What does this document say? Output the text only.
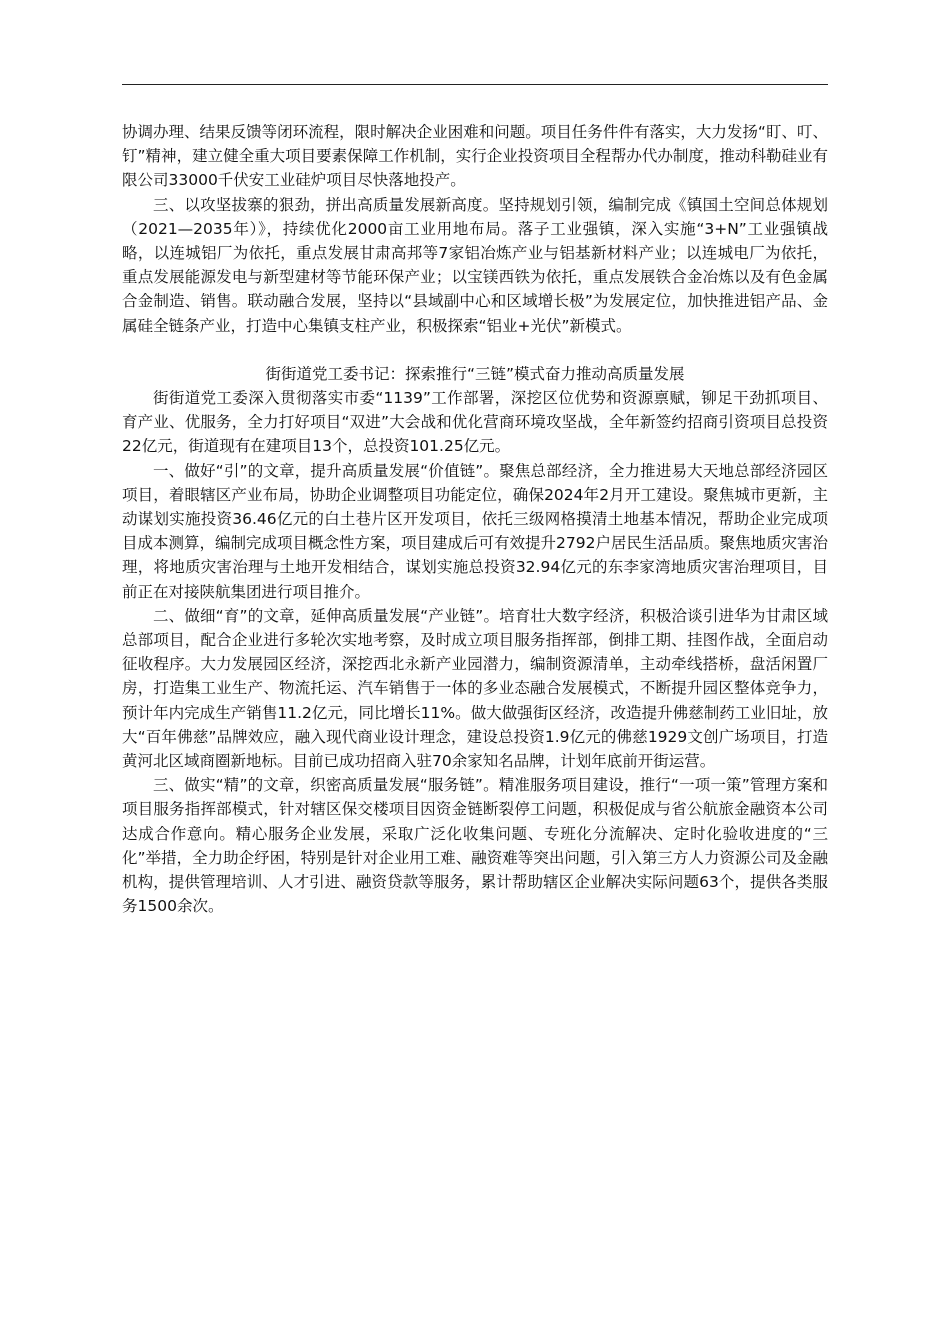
协调办理、结果反馈等闭环流程，限时解决企业困难和问题。项目任务件件有落实，大力发扬“盯、叮、钉”精神，建立健全重大项目要素保障工作机制，实行企业投资项目全程帮办代办制度，推动科勒硅业有限公司33000千伏安工业硅炉项目尽快落地投产。

三、以攻坚拔寨的狠劲，拼出高质量发展新高度。坚持规划引领，编制完成《镇国土空间总体规划（2021—2035年）》，持续优化2000亩工业用地布局。落子工业强镇，深入实施“3+N”工业强镇战略，以连城铝厂为依托，重点发展甘肃高邦等7家铝冶炼产业与铝基新材料产业；以连城电厂为依托，重点发展能源发电与新型建材等节能环保产业；以宝镁西铁为依托，重点发展铁合金冶炼以及有色金属合金制造、销售。联动融合发展，坚持以“县域副中心和区域增长极”为发展定位，加快推进铝产品、金属硅全链条产业，打造中心集镇支柱产业，积极探索“铝业+光伏”新模式。

街街道党工委书记：探索推行“三链”模式奋力推动高质量发展

街街道党工委深入贯彻落实市委“1139”工作部署，深挖区位优势和资源禀赋，铆足干劲抓项目、育产业、优服务，全力打好项目“双进”大会战和优化营商环境攻坚战，全年新签约招商引资项目总投资22亿元，街道现有在建项目13个，总投资101.25亿元。

一、做好“引”的文章，提升高质量发展“价值链”。聚焦总部经济，全力推进易大天地总部经济园区项目，着眼辖区产业布局，协助企业调整项目功能定位，确保2024年2月开工建设。聚焦城市更新，主动谋划实施投资36.46亿元的白土巷片区开发项目，依托三级网格摸清土地基本情况，帮助企业完成项目成本测算，编制完成项目概念性方案，项目建成后可有效提升2792户居民生活品质。聚焦地质灾害治理，将地质灾害治理与土地开发相结合，谋划实施总投资32.94亿元的东李家湾地质灾害治理项目，目前正在对接陕航集团进行项目推介。

二、做细“育”的文章，延伸高质量发展“产业链”。培育壮大数字经济，积极洽谈引进华为甘肃区域总部项目，配合企业进行多轮次实地考察，及时成立项目服务指挥部，倒排工期、挂图作战，全面启动征收程序。大力发展园区经济，深挖西北永新产业园潜力，编制资源清单，主动牵线搭桥，盘活闲置厂房，打造集工业生产、物流托运、汽车销售于一体的多业态融合发展模式，不断提升园区整体竞争力，预计年内完成生产销售11.2亿元，同比增长11%。做大做强街区经济，改造提升佛慈制药工业旧址，放大“百年佛慈”品牌效应，融入现代商业设计理念，建设总投资1.9亿元的佛慈1929文创广场项目，打造黄河北区域商圈新地标。目前已成功招商入驻70余家知名品牌，计划年底前开街运营。

三、做实“精”的文章，织密高质量发展“服务链”。精准服务项目建设，推行“一项一策”管理方案和项目服务指挥部模式，针对辖区保交楼项目因资金链断裂停工问题，积极促成与省公航旅金融资本公司达成合作意向。精心服务企业发展，采取广泛化收集问题、专班化分流解决、定时化验收进度的“三化”举措，全力助企纾困，特别是针对企业用工难、融资难等突出问题，引入第三方人力资源公司及金融机构，提供管理培训、人才引进、融资贷款等服务，累计帮助辖区企业解决实际问题63个，提供各类服务1500余次。
